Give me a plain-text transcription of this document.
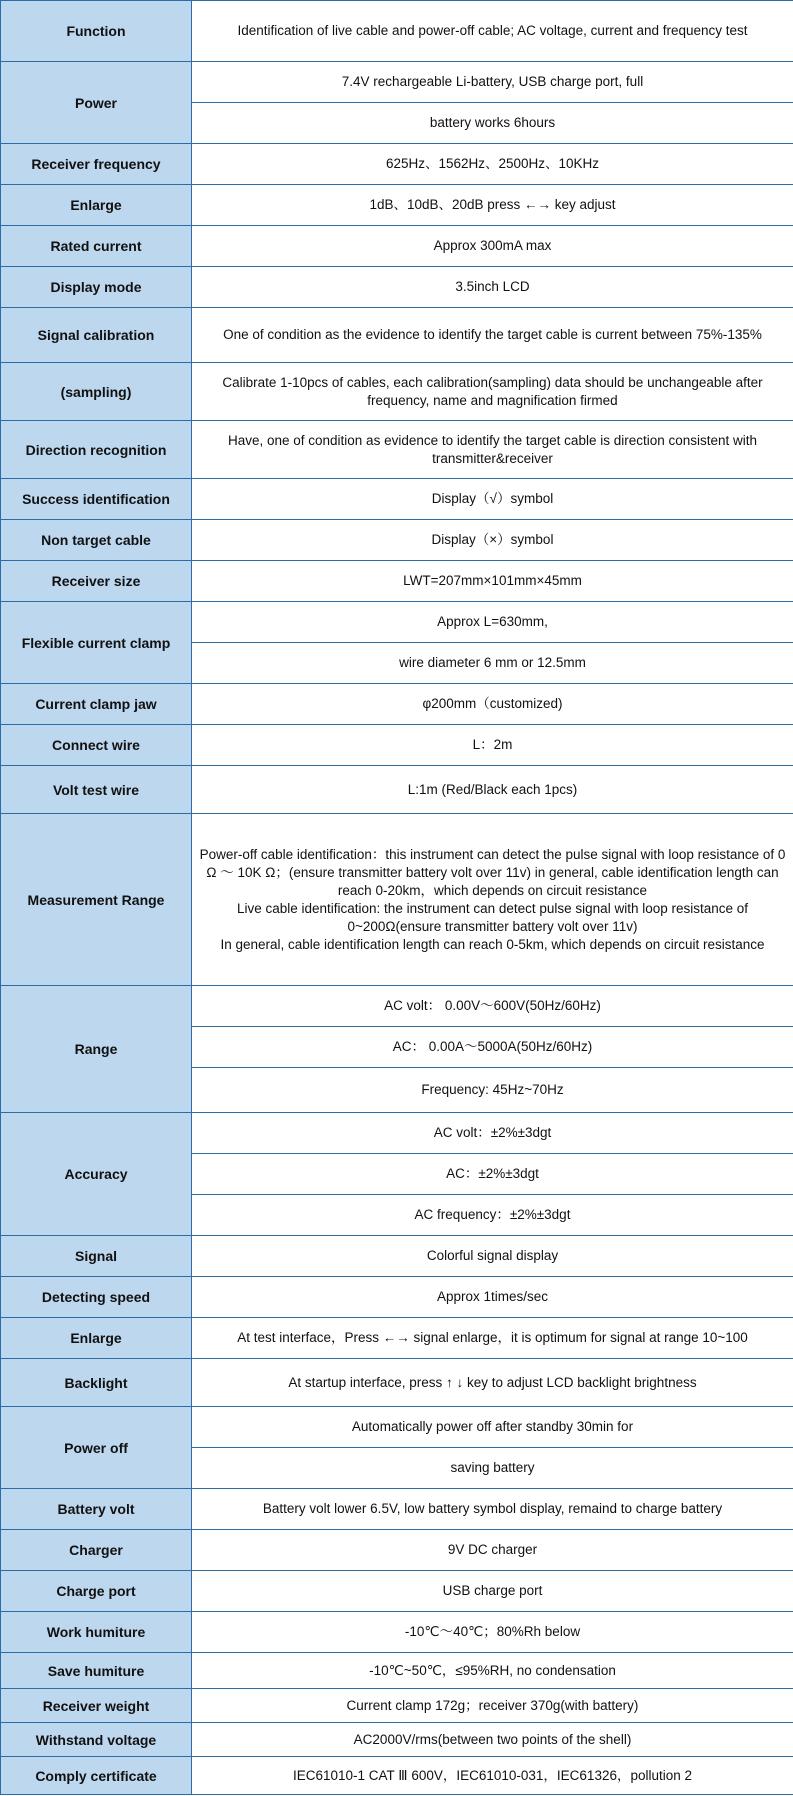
Function	Identification of live cable and power-off cable; AC voltage, current and frequency test

Power	7.4V rechargeable Li-battery, USB charge port, full

	battery works 6hours

Receiver frequency	625Hz、1562Hz、2500Hz、10KHz

Enlarge	1dB、10dB、20dB press ←→ key adjust

Rated current	Approx 300mA max

Display mode	3.5inch LCD

Signal calibration	One of condition as the evidence to identify the target cable is current between 75%-135%

(sampling)	Calibrate 1-10pcs of cables, each calibration(sampling) data should be unchangeable after frequency, name and magnification firmed

Direction recognition	Have, one of condition as evidence to identify the target cable is direction consistent with transmitter&receiver

Success identification	Display（√）symbol

Non target cable	Display（×）symbol

Receiver size	LWT=207mm×101mm×45mm

Flexible current clamp	Approx L=630mm,

	wire diameter 6 mm or 12.5mm

Current clamp jaw	φ200mm（customized)

Connect wire	L：2m

Volt test wire	L:1m (Red/Black each 1pcs)

Measurement Range	Power-off cable identification：this instrument can detect the pulse signal with loop resistance of 0 Ω ～ 10K Ω；(ensure transmitter battery volt over 11v) in general, cable identification length can reach 0-20km，which depends on circuit resistance
Live cable identification: the instrument can detect pulse signal with loop resistance of 0~200Ω(ensure transmitter battery volt over 11v)
In general, cable identification length can reach 0-5km, which depends on circuit resistance

Range	AC volt： 0.00V～600V(50Hz/60Hz)

	AC： 0.00A～5000A(50Hz/60Hz)

	Frequency: 45Hz~70Hz

Accuracy	AC volt：±2%±3dgt

	AC：±2%±3dgt

	AC frequency：±2%±3dgt

Signal	Colorful signal display

Detecting speed	Approx 1times/sec

Enlarge	At test interface，Press ←→ signal enlarge，it is optimum for signal at range 10~100

Backlight	At startup interface, press ↑ ↓ key to adjust LCD backlight brightness

Power off	Automatically power off after standby 30min for

	saving battery

Battery volt	Battery volt lower 6.5V, low battery symbol display, remaind to charge battery

Charger	9V DC charger

Charge port	USB charge port

Work humiture	-10℃～40℃；80%Rh below

Save humiture	-10℃~50℃，≤95%RH, no condensation

Receiver weight	Current clamp 172g；receiver 370g(with battery)

Withstand voltage	AC2000V/rms(between two points of the shell)

Comply certificate	IEC61010-1 CAT Ⅲ 600V，IEC61010-031，IEC61326，pollution 2
